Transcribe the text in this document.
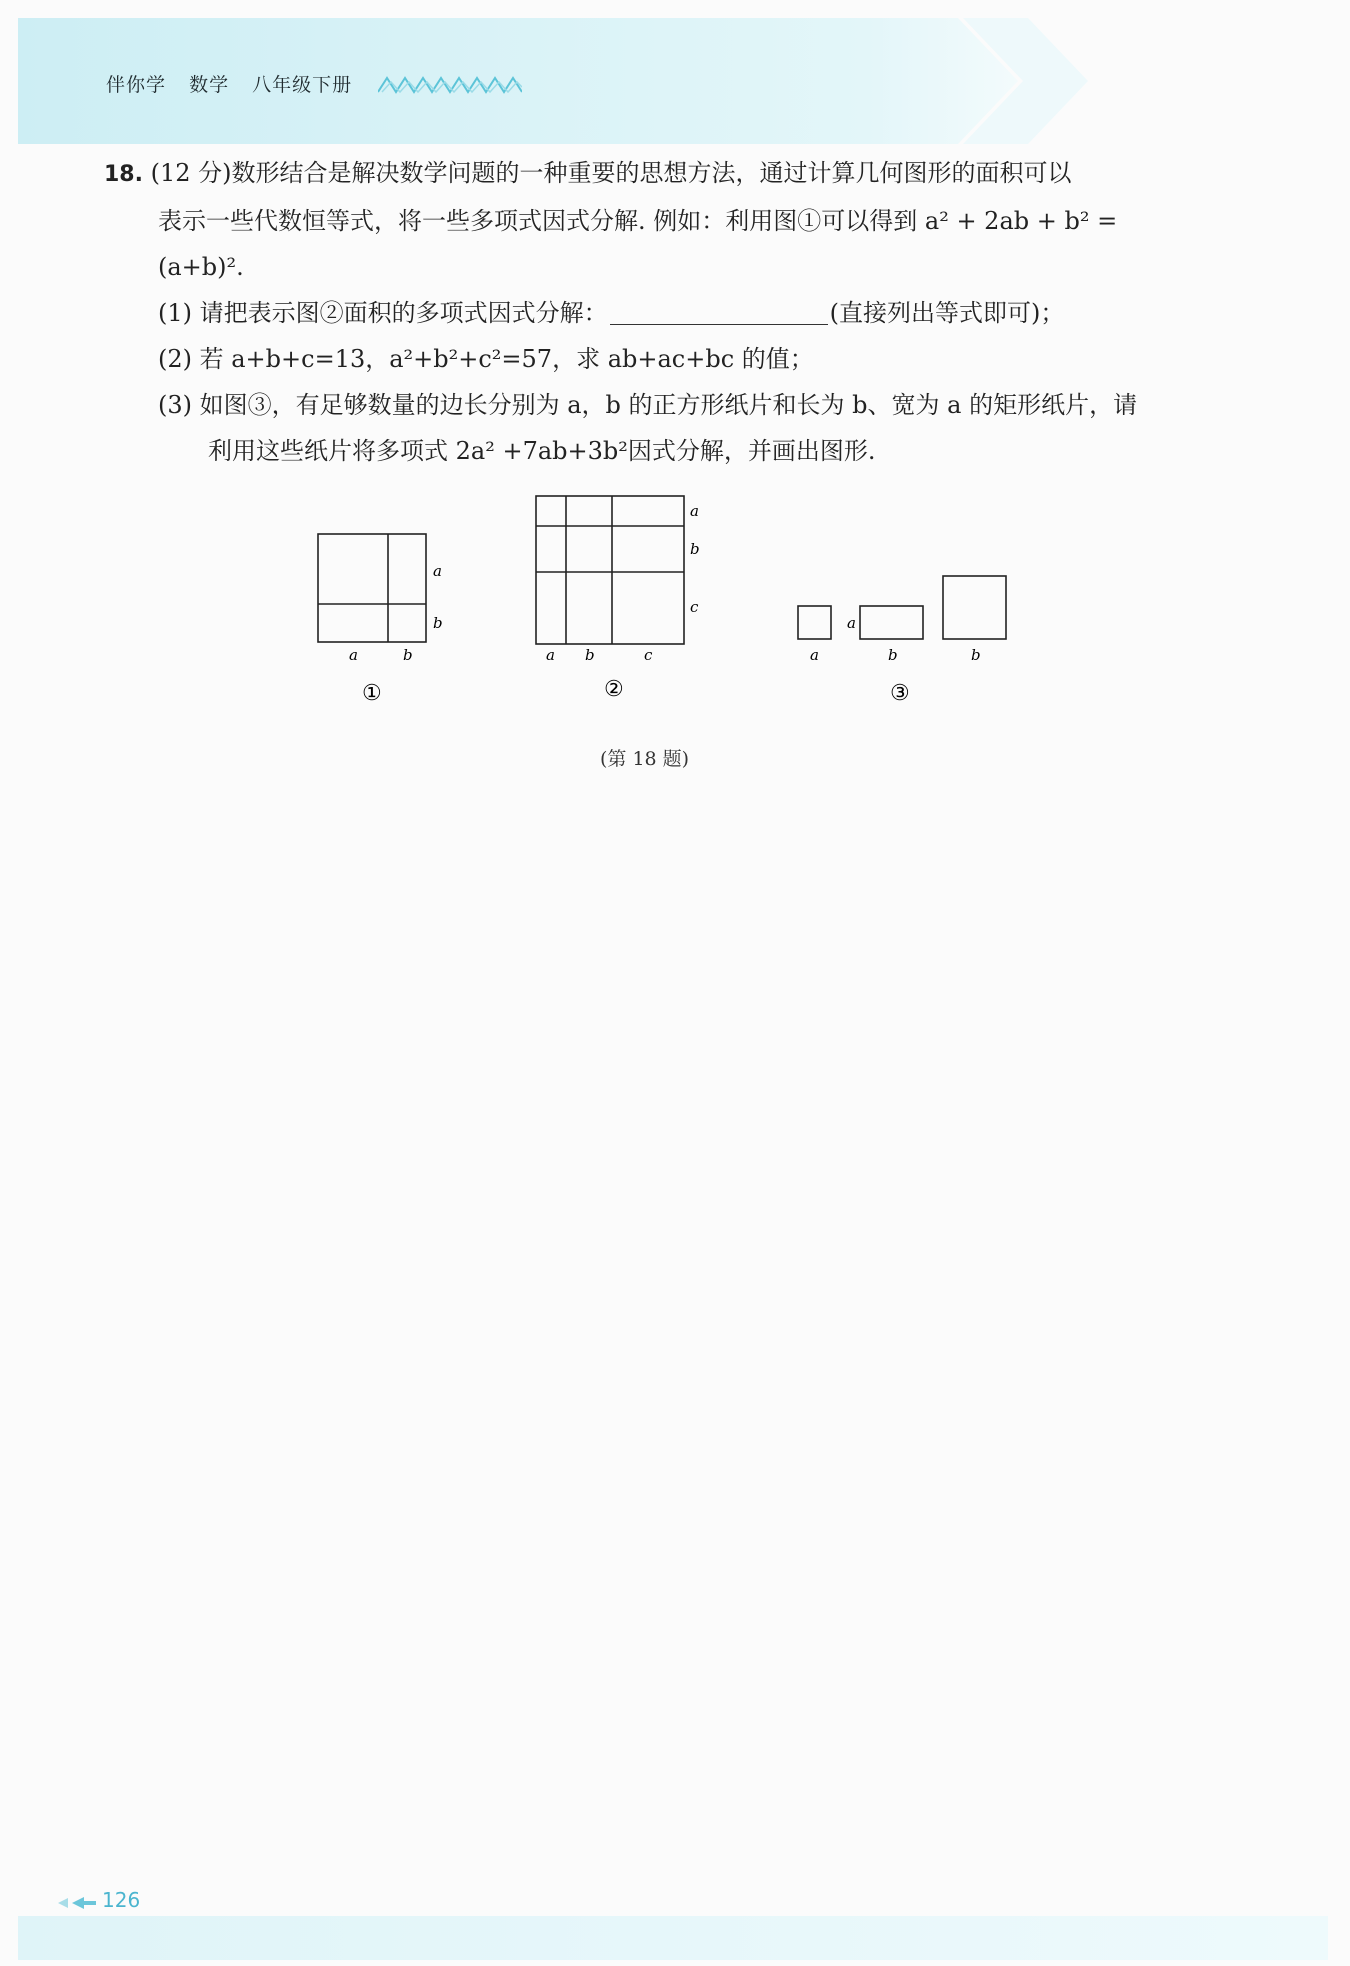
伴你学 数学 八年级下册
18. (12 分)数形结合是解决数学问题的一种重要的思想方法，通过计算几何图形的面积可以
表示一些代数恒等式，将一些多项式因式分解. 例如：利用图①可以得到 a² + 2ab + b² =
(a+b)².
(1) 请把表示图②面积的多项式因式分解：	(直接列出等式即可)；
(2) 若 a+b+c=13，a²+b²+c²=57，求 ab+ac+bc 的值；
(3) 如图③，有足够数量的边长分别为 a，b 的正方形纸片和长为 b、宽为 a 的矩形纸片，请
利用这些纸片将多项式 2a² +7ab+3b²因式分解，并画出图形.
a
b
a	b
①
a
b
c
a b	c
②
a
a
b	b
③
(第 18 题)
126
